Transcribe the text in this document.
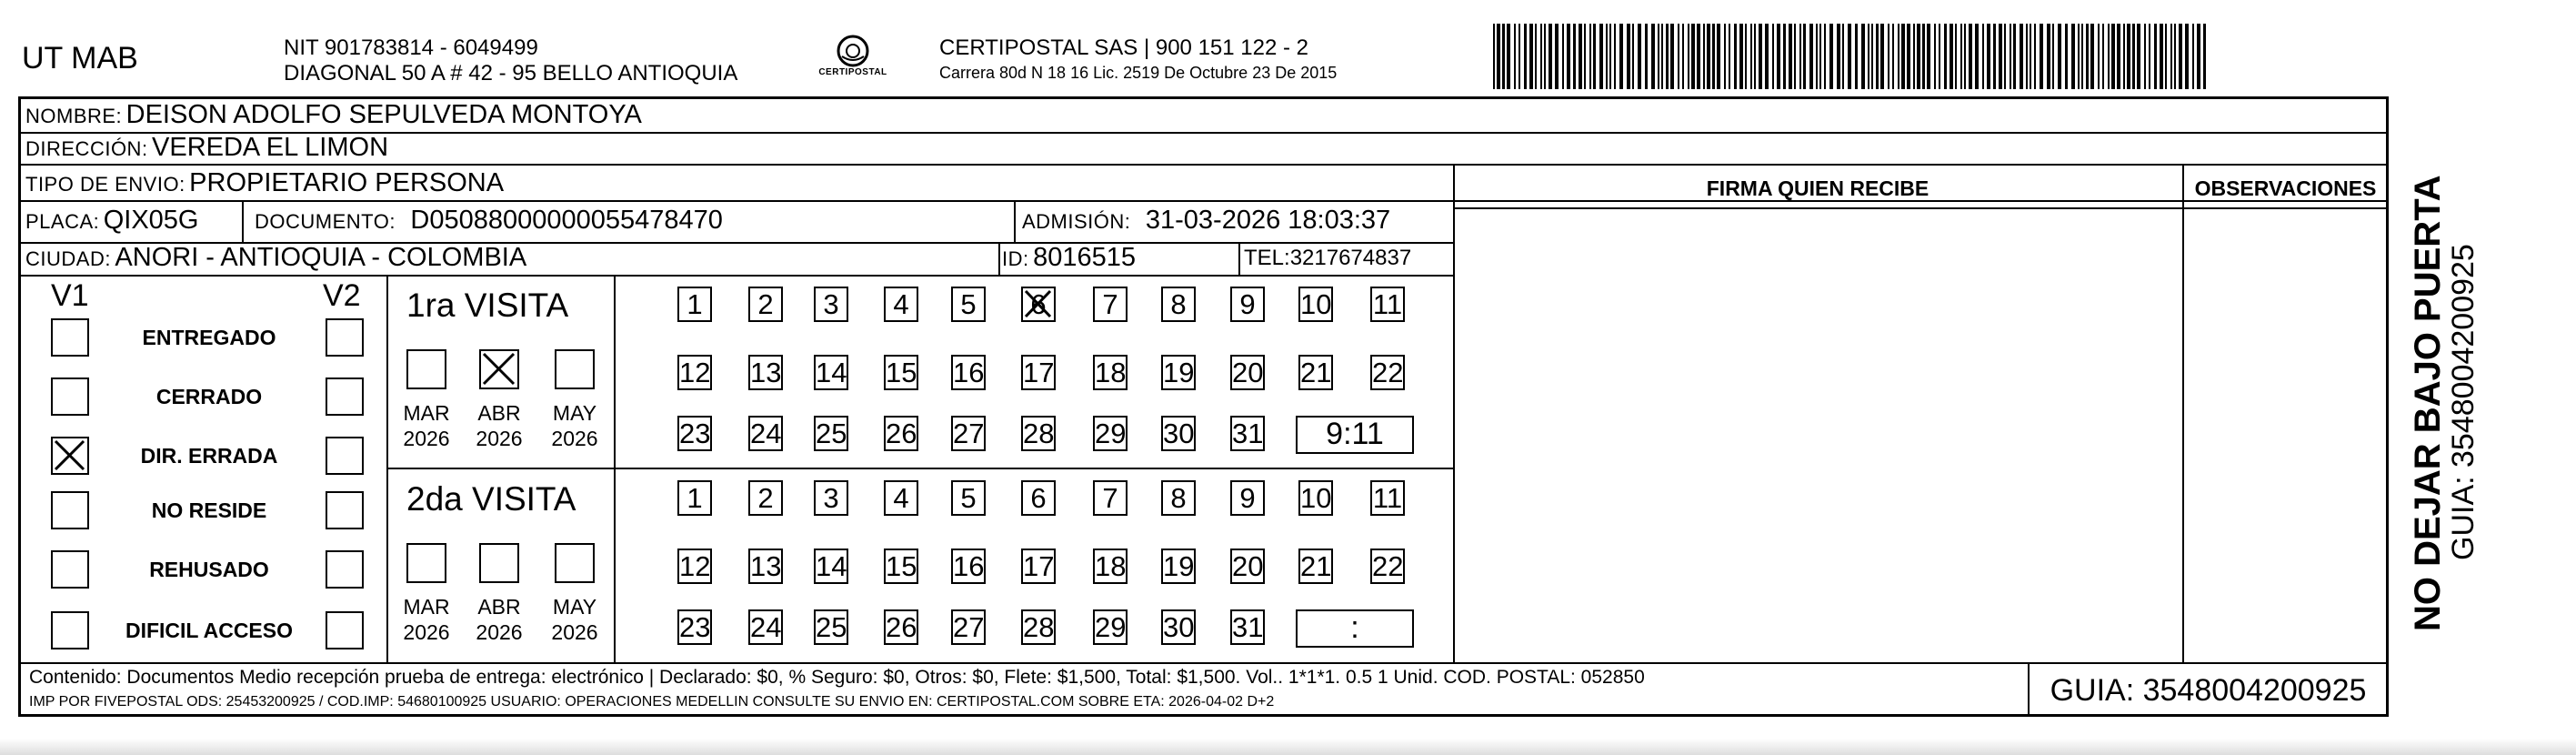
UT MAB	NIT 901783814 - 6049499
DIAGONAL 50 A # 42 - 95 BELLO ANTIOQUIA	CERTIPOSTAL
CERTIPOSTAL SAS | 900 151 122 - 2
Carrera 80d N 18 16 Lic. 2519 De Octubre 23 De 2015
NOMBRE: DEISON ADOLFO SEPULVEDA MONTOYA
DIRECCIÓN: VEREDA EL LIMON
TIPO DE ENVIO: PROPIETARIO PERSONA
PLACA: QIX05G	DOCUMENTO: D05088000000055478470	ADMISIÓN: 31-03-2026 18:03:37
CIUDAD: ANORI - ANTIOQUIA - COLOMBIA	ID: 8016515	TEL:3217674837
FIRMA QUIEN RECIBE	OBSERVACIONES
V1	V2
ENTREGADO
CERRADO
DIR. ERRADA
NO RESIDE
REHUSADO
DIFICIL ACCESO
1ra VISITA
MAR
2026
ABR
2026
MAY
2026
1	2	3	4	5	6	7	8	9	10 11
12 13 14 15 16 17 18 19 20 21 22
23 24 25 26 27 28 29 30 31	9:11
2da VISITA
MAR
2026
ABR
2026
MAY
2026
1	2	3	4	5	6	7	8	9	10 11
12 13 14 15 16 17 18 19 20 21 22
23 24 25 26 27 28 29 30 31	:
Contenido: Documentos Medio recepción prueba de entrega: electrónico | Declarado: $0, % Seguro: $0, Otros: $0, Flete: $1,500, Total: $1,500. Vol.. 1*1*1. 0.5 1 Unid. COD. POSTAL: 052850
IMP POR FIVEPOSTAL ODS: 25453200925 / COD.IMP: 54680100925 USUARIO: OPERACIONES MEDELLIN CONSULTE SU ENVIO EN: CERTIPOSTAL.COM SOBRE ETA: 2026-04-02 D+2	GUIA: 3548004200925
NO DEJAR BAJO PUERTA
GUIA: 3548004200925
